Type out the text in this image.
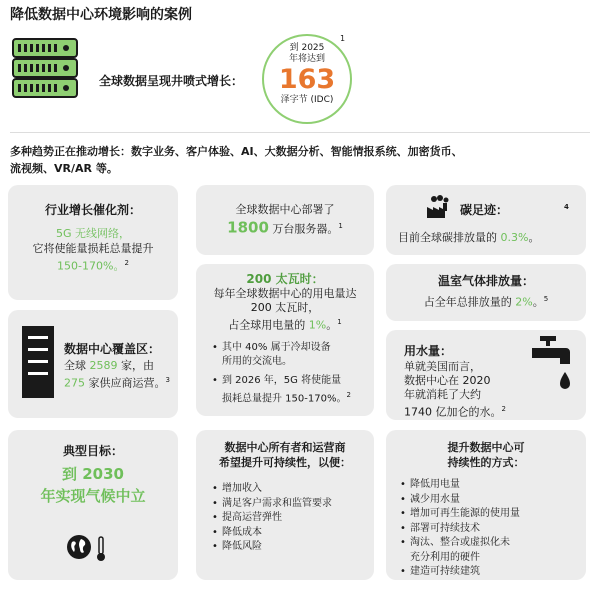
降低数据中心环境影响的案例
全球数据呈现井喷式增长：
到 2025
年将达到
163
泽字节 (IDC)
1
多种趋势正在推动增长：数字业务、客户体验、AI、大数据分析、智能情报系统、加密货币、
流视频、VR/AR 等。
行业增长催化剂：
5G 无线网络，
它将使能量损耗总量提升
150-170%。$^2$
全球数据中心部署了
1800 万台服务器。$^1$
碳足迹：	$^4$
目前全球碳排放量的 0.3%。
200 太瓦时：
每年全球数据中心的用电量达
200 太瓦时，
占全球用电量的 1%。$^1$
• 其中 40% 属于冷却设备
所用的交流电。
• 到 2026 年，5G 将使能量
损耗总量提升 150-170%。$^2$
温室气体排放量：
占全年总排放量的 2%。$^5$
数据中心覆盖区：
全球 2589 家，由
275 家供应商运营。$^3$
用水量：
单就美国而言，
数据中心在 2020
年就消耗了大约
1740 亿加仑的水。$^2$
典型目标：
到 2030
年实现气候中立
数据中心所有者和运营商
希望提升可持续性，以便：
• 增加收入
• 满足客户需求和监管要求
• 提高运营弹性
• 降低成本
• 降低风险
提升数据中心可
持续性的方式：
• 降低用电量
• 减少用水量
• 增加可再生能源的使用量
• 部署可持续技术
• 淘汰、整合或虚拟化未
充分利用的硬件
• 建造可持续建筑
